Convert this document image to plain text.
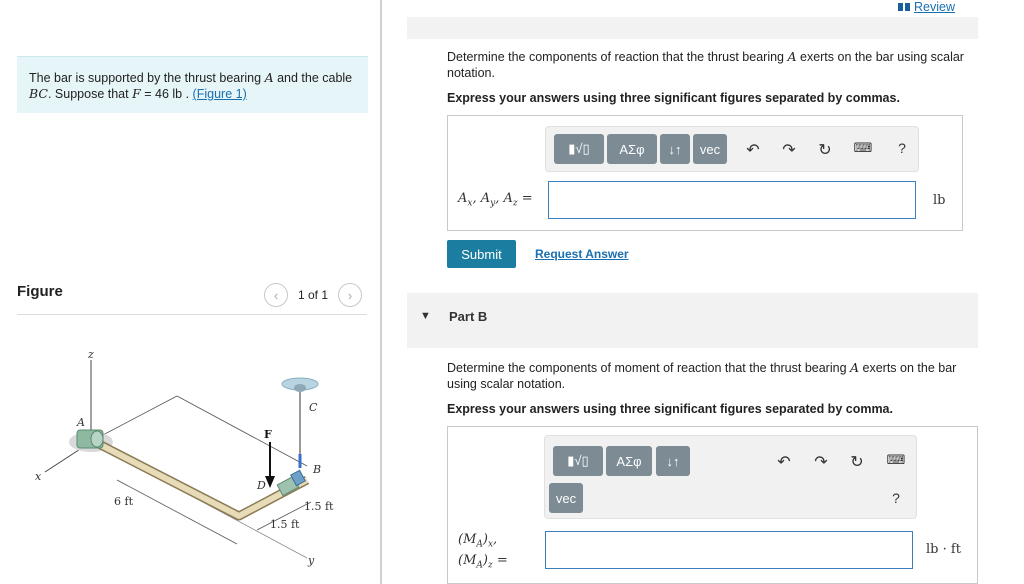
The bar is supported by the thrust bearing A and the cable
BC. Suppose that F = 46 lb . (Figure 1)
Figure	‹	1 of 1	›
z
x
y
F
A
C
B
D
6 ft	1.5 ft
1.5 ft
Review
Determine the components of reaction that the thrust bearing A exerts on the bar using scalar notation.
Express your answers using three significant figures separated by commas.
▮√▯	ΑΣφ	↓↑	vec	↶	↷	↻	⌨	?
$A_x$, $A_y$, $A_z$ =	lb
Submit	Request Answer
▼ Part B
Determine the components of moment of reaction that the thrust bearing A exerts on the bar using scalar notation.
Express your answers using three significant figures separated by comma.
▮√▯	ΑΣφ	↓↑
vec
↶	↷	↻	⌨
?
$(M_A)_x$,
$(M_A)_z$ =
lb · ft
